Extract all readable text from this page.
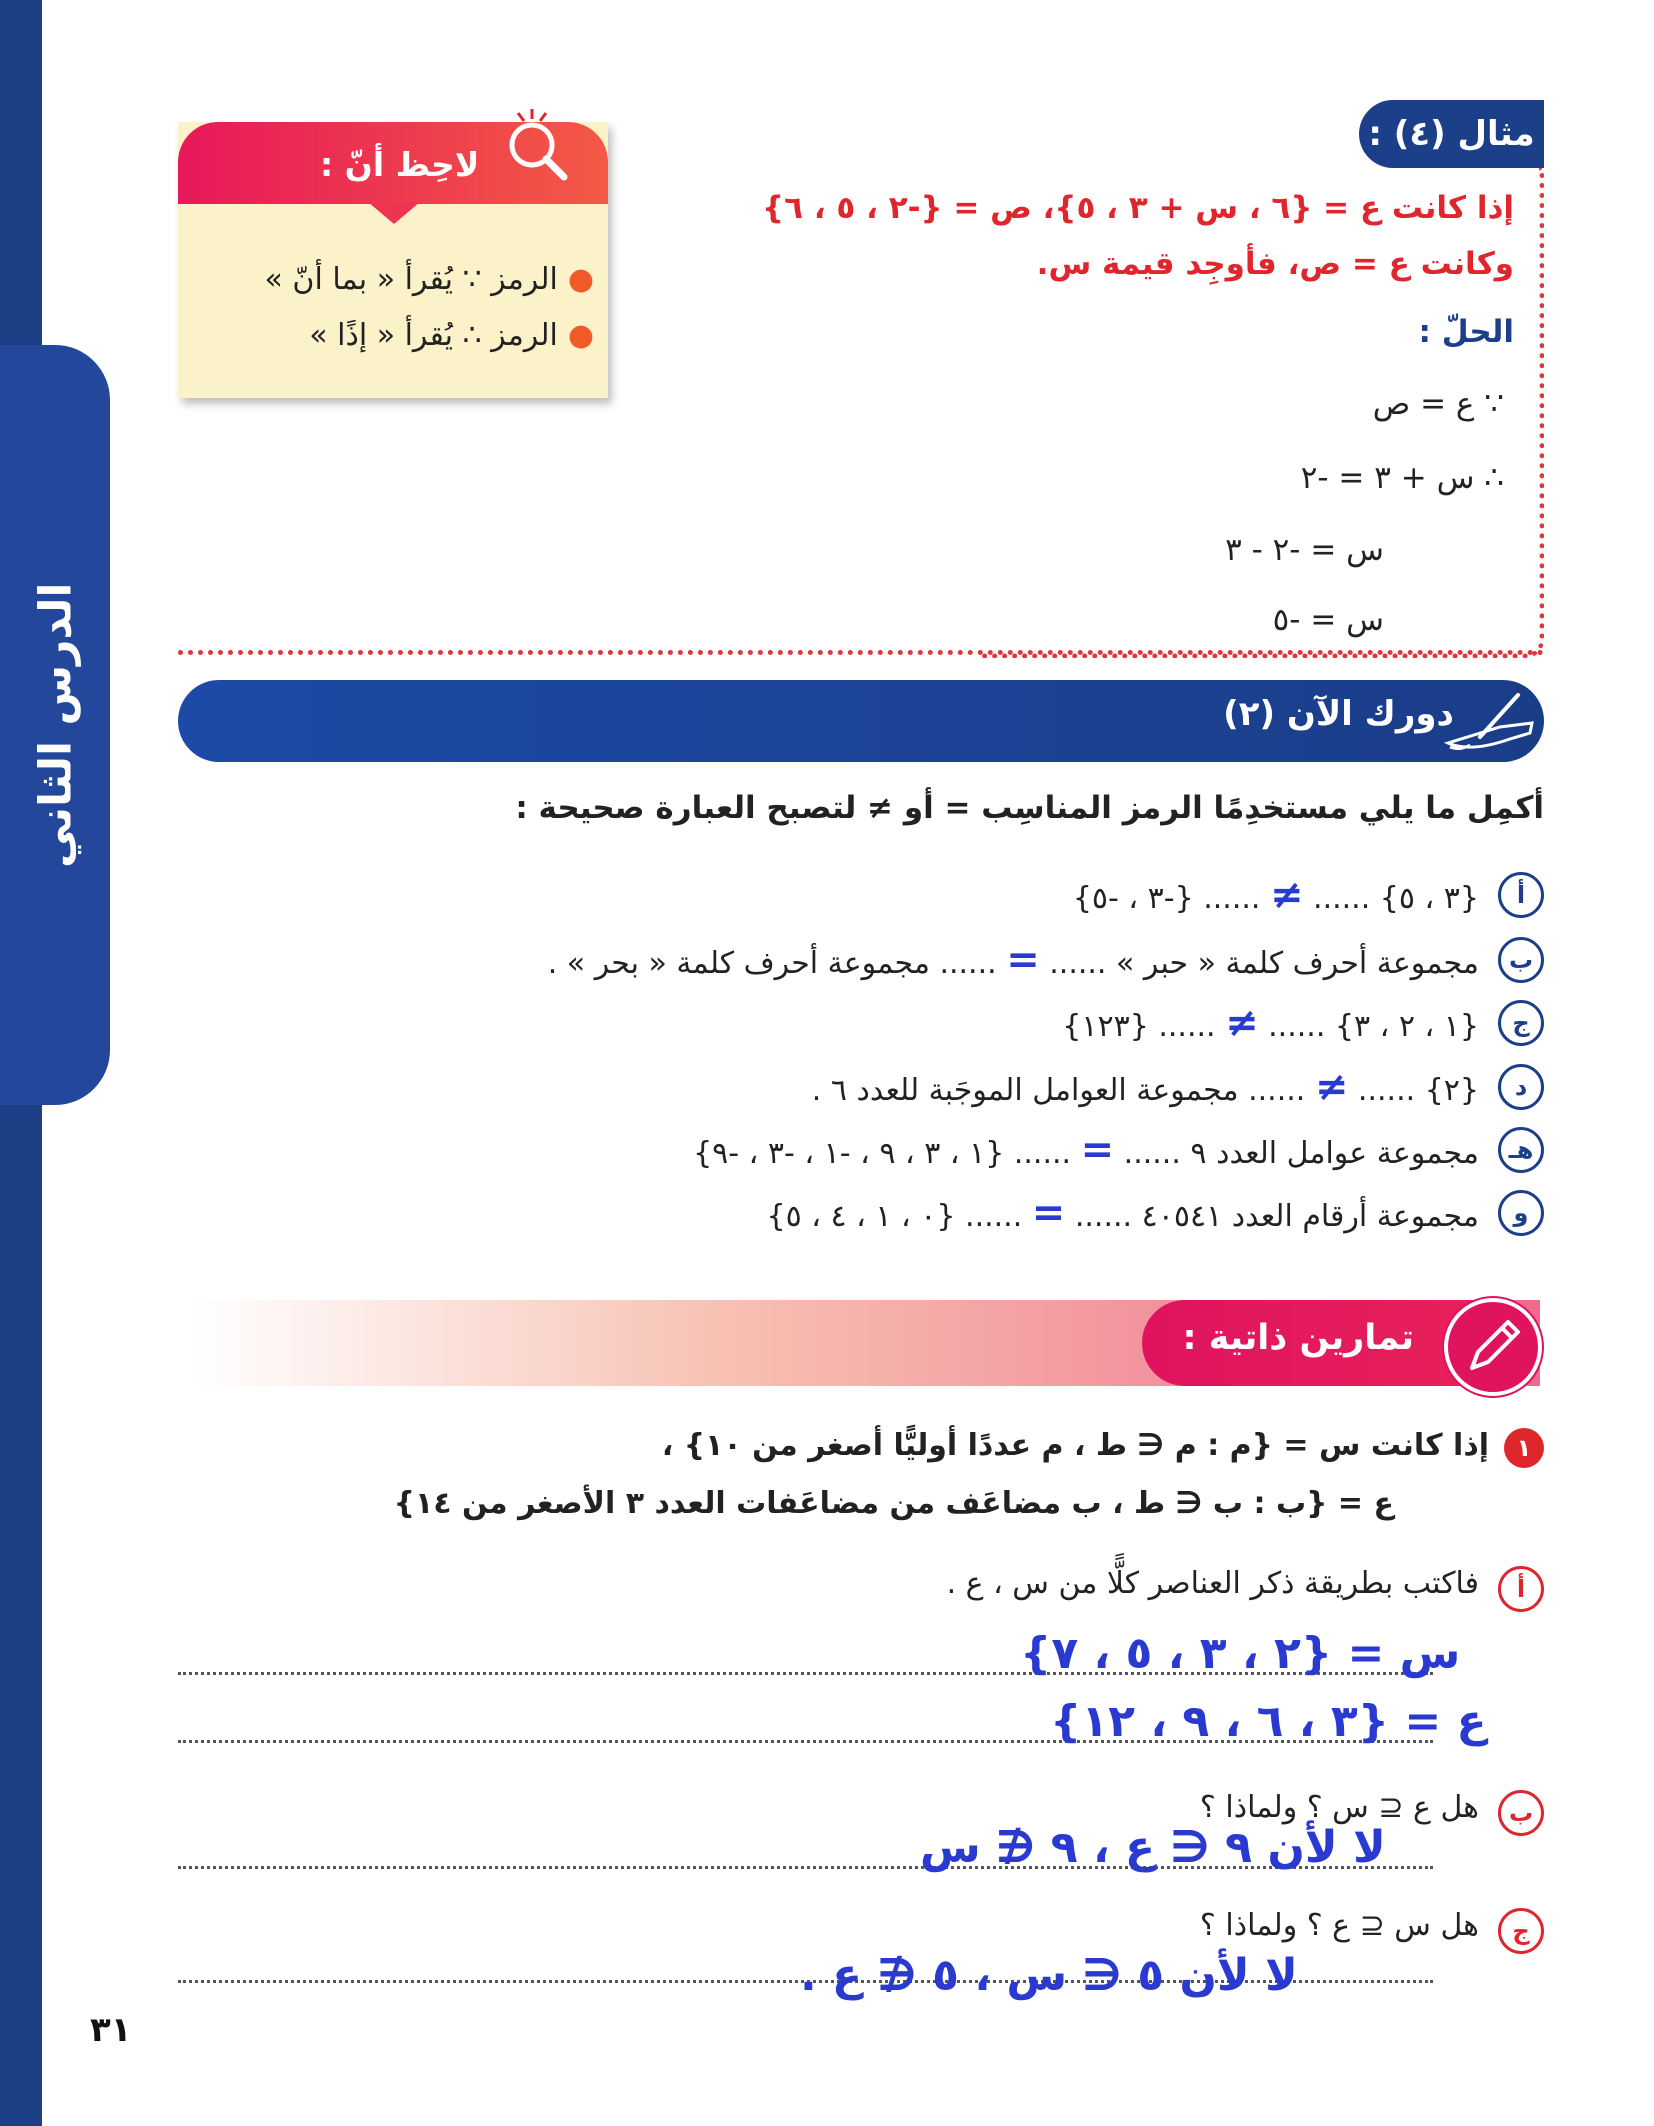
الدرس الثاني
لاحِظ أنّ :
●الرمز ∵ يُقرأ « بما أنّ »
●الرمز ∴ يُقرأ « إذًا »
مثال (٤) :
إذا كانت ع = {٦ ، س + ٣ ، ٥}، ص = {-٢ ، ٥ ، ٦}
وكانت ع = ص، فأوجِد قيمة س.
الحلّ :
∵ ع = ص
∴ س + ٣ = -٢
س = -٢ - ٣
س = -٥
دورك الآن (٢)
أكمِل ما يلي مستخدِمًا الرمز المناسِب = أو ≠ لتصبح العبارة صحيحة :
أ
{٣ ، ٥} ...... ≠ ...... {-٣ ، -٥}
ب
مجموعة أحرف كلمة « حبر » ...... = ...... مجموعة أحرف كلمة « بحر » .
ج
{١ ، ٢ ، ٣} ...... ≠ ...... {١٢٣}
د
{٢} ...... ≠ ...... مجموعة العوامل الموجَبة للعدد ٦ .
هـ
مجموعة عوامل العدد ٩ ...... = ...... {١ ، ٣ ، ٩ ، -١ ، -٣ ، -٩}
و
مجموعة أرقام العدد ٤٠٥٤١ ...... = ...... {٠ ، ١ ، ٤ ، ٥}
تمارين ذاتية :
١
إذا كانت س = {م : م ∈ ط ، م عددًا أوليًّا أصغر من ١٠} ،
ع = {ب : ب ∈ ط ، ب مضاعَف من مضاعَفات العدد ٣ الأصغر من ١٤}
أ
فاكتب بطريقة ذكر العناصر كلًّا من س ، ع .
س = {٢ ، ٣ ، ٥ ، ٧}
ع = {٣ ، ٦ ، ٩ ، ١٢}
ب
هل ع ⊆ س ؟ ولماذا ؟
لا لأن ٩ ∈ ع ، ٩ ∉ س
ج
هل س ⊆ ع ؟ ولماذا ؟
لا لأن ٥ ∈ س ، ٥ ∉ ع .
٣١
